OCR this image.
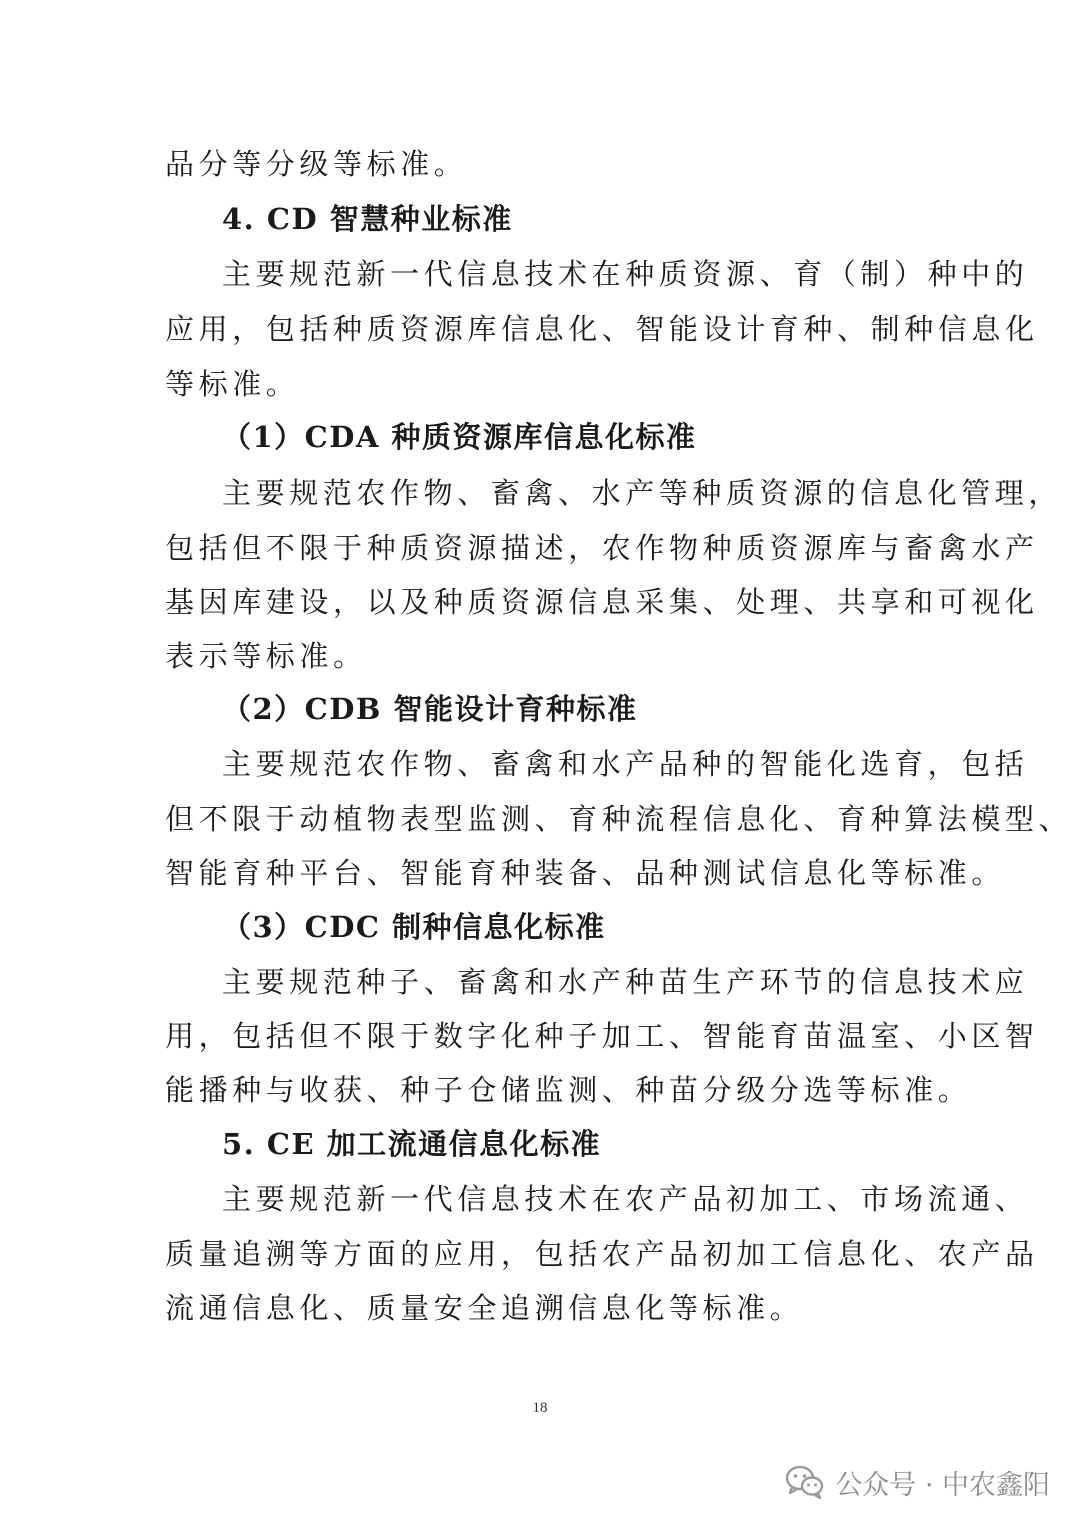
品分等分级等标准。
4. CD 智慧种业标准
主要规范新一代信息技术在种质资源、育（制）种中的
应用，包括种质资源库信息化、智能设计育种、制种信息化
等标准。
（1）CDA 种质资源库信息化标准
主要规范农作物、畜禽、水产等种质资源的信息化管理，
包括但不限于种质资源描述，农作物种质资源库与畜禽水产
基因库建设，以及种质资源信息采集、处理、共享和可视化
表示等标准。
（2）CDB 智能设计育种标准
主要规范农作物、畜禽和水产品种的智能化选育，包括
但不限于动植物表型监测、育种流程信息化、育种算法模型、
智能育种平台、智能育种装备、品种测试信息化等标准。
（3）CDC 制种信息化标准
主要规范种子、畜禽和水产种苗生产环节的信息技术应
用，包括但不限于数字化种子加工、智能育苗温室、小区智
能播种与收获、种子仓储监测、种苗分级分选等标准。
5. CE 加工流通信息化标准
主要规范新一代信息技术在农产品初加工、市场流通、
质量追溯等方面的应用，包括农产品初加工信息化、农产品
流通信息化、质量安全追溯信息化等标准。
18
公众号 · 中农鑫阳
